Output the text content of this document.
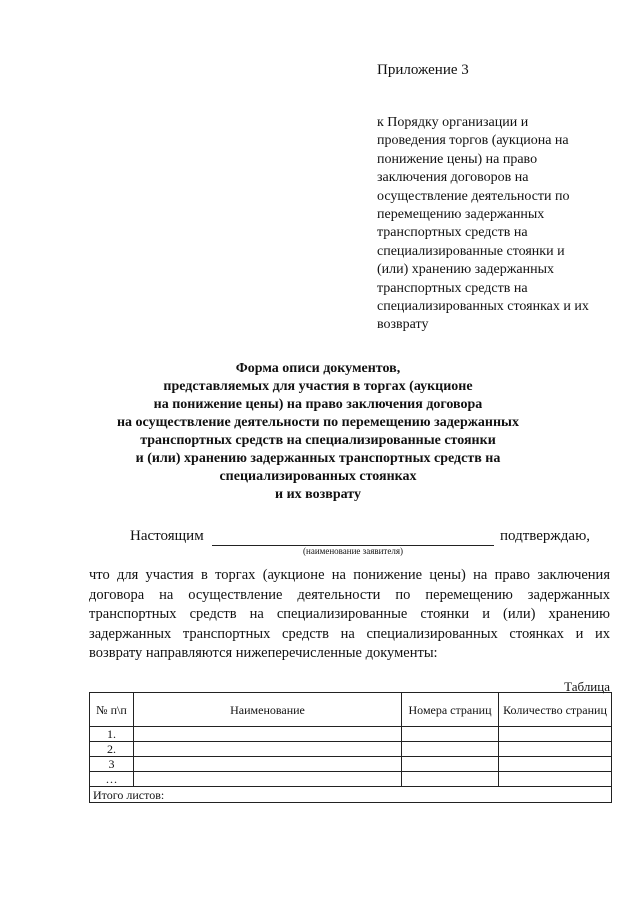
Приложение 3
к Порядку организации и
проведения торгов (аукциона на
понижение цены) на право
заключения договоров на
осуществление деятельности по
перемещению задержанных
транспортных средств на
специализированные стоянки и
(или) хранению задержанных
транспортных средств на
специализированных стоянках и их
возврату
Форма описи документов,
представляемых для участия в торгах (аукционе
на понижение цены) на право заключения договора
на осуществление деятельности по перемещению задержанных
транспортных средств на специализированные стоянки
и (или) хранению задержанных транспортных средств на
специализированных стоянках
и их возврату
Настоящим	подтверждаю,
(наименование заявителя)
что для участия в торгах (аукционе на понижение цены) на право заключения
договора на осуществление деятельности по перемещению задержанных
транспортных средств на специализированные стоянки и (или) хранению
задержанных транспортных средств на специализированных стоянках и их
возврату направляются нижеперечисленные документы:
Таблица
№ п\п	Наименование	Номера страниц	Количество страниц
1.			
2.			
3			
…			
Итого листов:			
